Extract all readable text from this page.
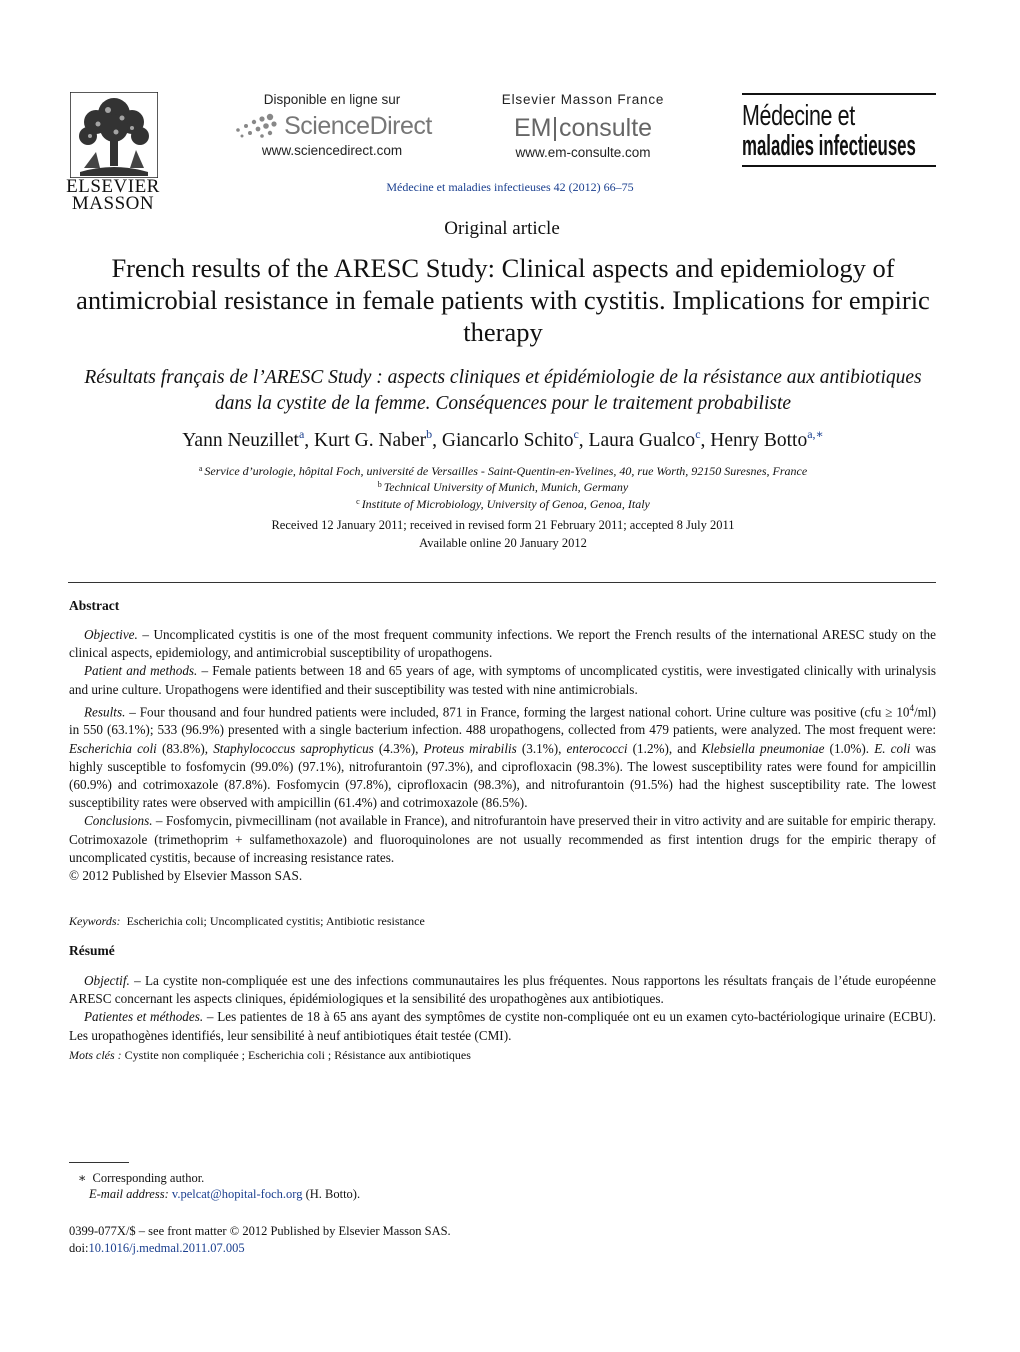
ELSEVIER
MASSON
Disponible en ligne sur
ScienceDirect
www.sciencedirect.com
Elsevier Masson France
EM consulte
www.em-consulte.com
Médecine et
maladies infectieuses
Médecine et maladies infectieuses 42 (2012) 66–75
Original article
French results of the ARESC Study: Clinical aspects and epidemiology of antimicrobial resistance in female patients with cystitis. Implications for empiric therapy
Résultats français de l’ARESC Study : aspects cliniques et épidémiologie de la résistance aux antibiotiques dans la cystite de la femme. Conséquences pour le traitement probabiliste
Yann Neuzillet$^a$, Kurt G. Naber$^b$, Giancarlo Schito$^c$, Laura Gualco$^c$, Henry Botto$^{a,∗}$
$^a$ Service d’urologie, hôpital Foch, université de Versailles - Saint-Quentin-en-Yvelines, 40, rue Worth, 92150 Suresnes, France
$^b$ Technical University of Munich, Munich, Germany
$^c$ Institute of Microbiology, University of Genoa, Genoa, Italy
Received 12 January 2011; received in revised form 21 February 2011; accepted 8 July 2011
Available online 20 January 2012
Abstract

Objective. – Uncomplicated cystitis is one of the most frequent community infections. We report the French results of the international ARESC study on the clinical aspects, epidemiology, and antimicrobial susceptibility of uropathogens.

Patient and methods. – Female patients between 18 and 65 years of age, with symptoms of uncomplicated cystitis, were investigated clinically with urinalysis and urine culture. Uropathogens were identified and their susceptibility was tested with nine antimicrobials.

Results. – Four thousand and four hundred patients were included, 871 in France, forming the largest national cohort. Urine culture was positive $(cfu \ge 10^4/ml)$ in 550 (63.1%); 533 (96.9%) presented with a single bacterium infection. 488 uropathogens, collected from 479 patients, were analyzed. The most frequent were: Escherichia coli (83.8%), Staphylococcus saprophyticus (4.3%), Proteus mirabilis (3.1%), enterococci (1.2%), and Klebsiella pneumoniae (1.0%). E. coli was highly susceptible to fosfomycin (99.0%) (97.1%), nitrofurantoin (97.3%), and ciprofloxacin (98.3%). The lowest susceptibility rates were found for ampicillin (60.9%) and cotrimoxazole (87.8%). Fosfomycin (97.8%), ciprofloxacin (98.3%), and nitrofurantoin (91.5%) had the highest susceptibility rate. The lowest susceptibility rates were observed with ampicillin (61.4%) and cotrimoxazole (86.5%).

Conclusions. – Fosfomycin, pivmecillinam (not available in France), and nitrofurantoin have preserved their in vitro activity and are suitable for empiric therapy. Cotrimoxazole (trimethoprim + sulfamethoxazole) and fluoroquinolones are not usually recommended as first intention drugs for the empiric therapy of uncomplicated cystitis, because of increasing resistance rates.

© 2012 Published by Elsevier Masson SAS.

Keywords: Escherichia coli; Uncomplicated cystitis; Antibiotic resistance
Résumé

Objectif. – La cystite non-compliquée est une des infections communautaires les plus fréquentes. Nous rapportons les résultats français de l’étude européenne ARESC concernant les aspects cliniques, épidémiologiques et la sensibilité des uropathogènes aux antibiotiques.

Patientes et méthodes. – Les patientes de 18 à 65 ans ayant des symptômes de cystite non-compliquée ont eu un examen cyto-bactériologique urinaire (ECBU). Les uropathogènes identifiés, leur sensibilité à neuf antibiotiques était testée (CMI).

Mots clés : Cystite non compliquée ; Escherichia coli ; Résistance aux antibiotiques
∗ Corresponding author.
E-mail address: v.pelcat@hopital-foch.org (H. Botto).
0399-077X/$ – see front matter © 2012 Published by Elsevier Masson SAS.
doi:10.1016/j.medmal.2011.07.005
